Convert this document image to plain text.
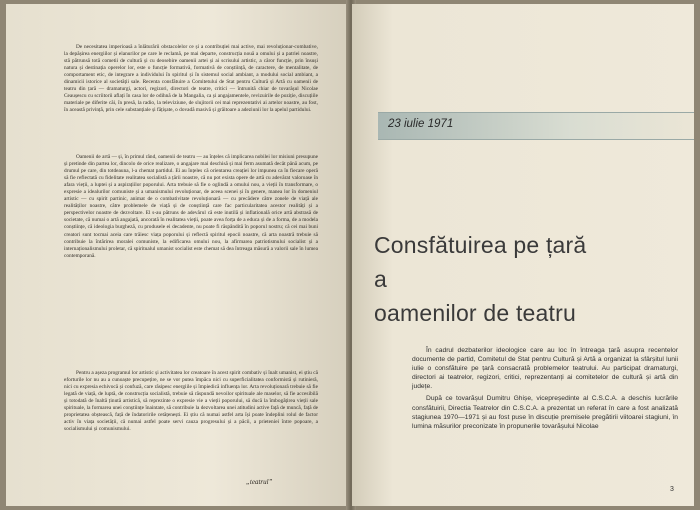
De necesitatea imperioasă a înlăturării obstacolelor ce și a contribuției mai active, mai revoluționar-combative, la depășirea energiilor și elanurilor pe care le reclamă, pe mai departe, construcția nouă a omului și a patriei noastre, stă pătrunsă totă cometii de cultură și cu deosebire oamenii artei și ai scrisului artistic, a căror funcție, prin însuși natura și destinația operelor lor, este o funcție formativă, formativă de conștiință, de caractere, de mentalitate, de comportament etic, de integrare a individului în spiritul și în sistemul social ambiant, a modului social ambiant, a dinamicii istorice al societății sale. Recenta consfătuire a Comitetului de Stat pentru Cultură și Artă cu oamenii de teatru din țară — dramaturgi, actori, regizori, directori de teatre, critici — întrunită chiar de tovarășul Nicolae Ceaușescu cu scriitorii aflați în casa lor de odihnă de la Mangalia, ca și angajamentele, revizuirile de poziție, discuțiile materiale pe diferite căi, în presă, la radio, la televiziune, de slujitorii cei mai reprezentativi ai artelor noastre, au fost, în această privință, prin cele substanțiale și fățișate, o dovadă masivă și grăitoare a adeziunii lor la apelul partidului.

Oamenii de artă — și, în primul rând, oamenii de teatru — au înțeles că implicarea nobilei lor misiuni presupune și pretinde din partea lor, dincolo de orice realizare, o angajare mai deschisă și mai ferm asumată decât până acum, pe drumul pe care, din totdeauna, l-a chemat partidul. Ei au înțeles că orientarea creației lor impunea ca în fiecare operă să fie reflectată cu fidelitate realitatea socialistă a țării noastre, că nu pot exista opere de artă cu adevărat valoroase în afara vieții, a luptei și a aspirațiilor poporului. Arta trebuie să fie o oglindă a omului nou, a vieții în transformare, o expresie a idealurilor comuniste și a umanismului revoluționar, de aceea scenei și în genere, manea lor în domeniul artistic — cu spirit partinic, animat de o combativitate revoluționară — cu precădere către zonele de viață ale realităților noastre, către problemele de viață și de conștiință care fac particularitatea acestor realități și a perspectivelor noastre de dezvoltare. El s-au pătruns de adevărul că este inutilă și inflatională orice artă abstrasă de societate, că numai o artă angajată, ancorată în realitatea vieții, poate avea forța de a educa și de a forma, de a modela conștiințe, că ideologia burgheză, cu produsele ei decadente, nu poate fi răspândită în poporul nostru; că cei mai buni creatori sunt tocmai aceia care trăiesc viața poporului și reflectă spiritul epocii noastre, că arta noastră trebuie să contribuie la întărirea moralei comuniste, la edificarea omului nou, la afirmarea patriotismului socialist și a internaționalismului proletar, că spiritualul umanist socialist este chemat să dea întreaga măsură a valorii sale în lumea contemporană.

Pentru a așeza programul lor artistic și activitatea lor creatoare în acest spirit combativ și înalt umanist, ei știu că eforturile lor nu au a cunoaște precupețire, ne se vor putea împăca nici cu superficialitatea conformistă și rutinieră, nici cu expresia echivocă și confuză, care răsipesc energiile și împiedică influența lor. Arta revoluționară trebuie să fie legată de viață, de luptă, de construcția socialistă, trebuie să răspundă nevoilor spirituale ale maselor, să fie accesibilă și totodată de înaltă ținută artistică, să reprezinte o expresie vie a vieții poporului, să ducă la îmbogățirea vieții sale spirituale, la formarea unei conștiințe înaintate, să contribuie la dezvoltarea unei atitudini active față de muncă, față de proprietatea obștească, față de îndatoririle cetățenești. Ei știu că numai astfel arta își poate îndeplini rolul de factor activ în viața societății, că numai astfel poate servi cauza progresului și a păcii, a prieteniei între popoare, a socialismului și comunismului.

„teatrul”
23 iulie 1971
Consfătuirea pe țară
a
oamenilor de teatru

În cadrul dezbaterilor ideologice care au loc în întreaga țară asupra recentelor documente de partid, Comitetul de Stat pentru Cultură și Artă a organizat la sfârșitul lunii iulie o consfătuire pe țară consacrată problemelor teatrului. Au participat dramaturgi, directori ai teatrelor, regizori, critici, reprezentanți ai comitetelor de cultură și artă din județe.

După ce tovarășul Dumitru Ghișe, vicepreședinte al C.S.C.A. a deschis lucrările consfătuirii, Directia Teatrelor din C.S.C.A. a prezentat un referat în care a fost analizată stagiunea 1970—1971 și au fost puse în discuție premisele pregătirii viitoarei stagiuni, în lumina măsurilor preconizate în propunerile tovarășului Nicolae

3
